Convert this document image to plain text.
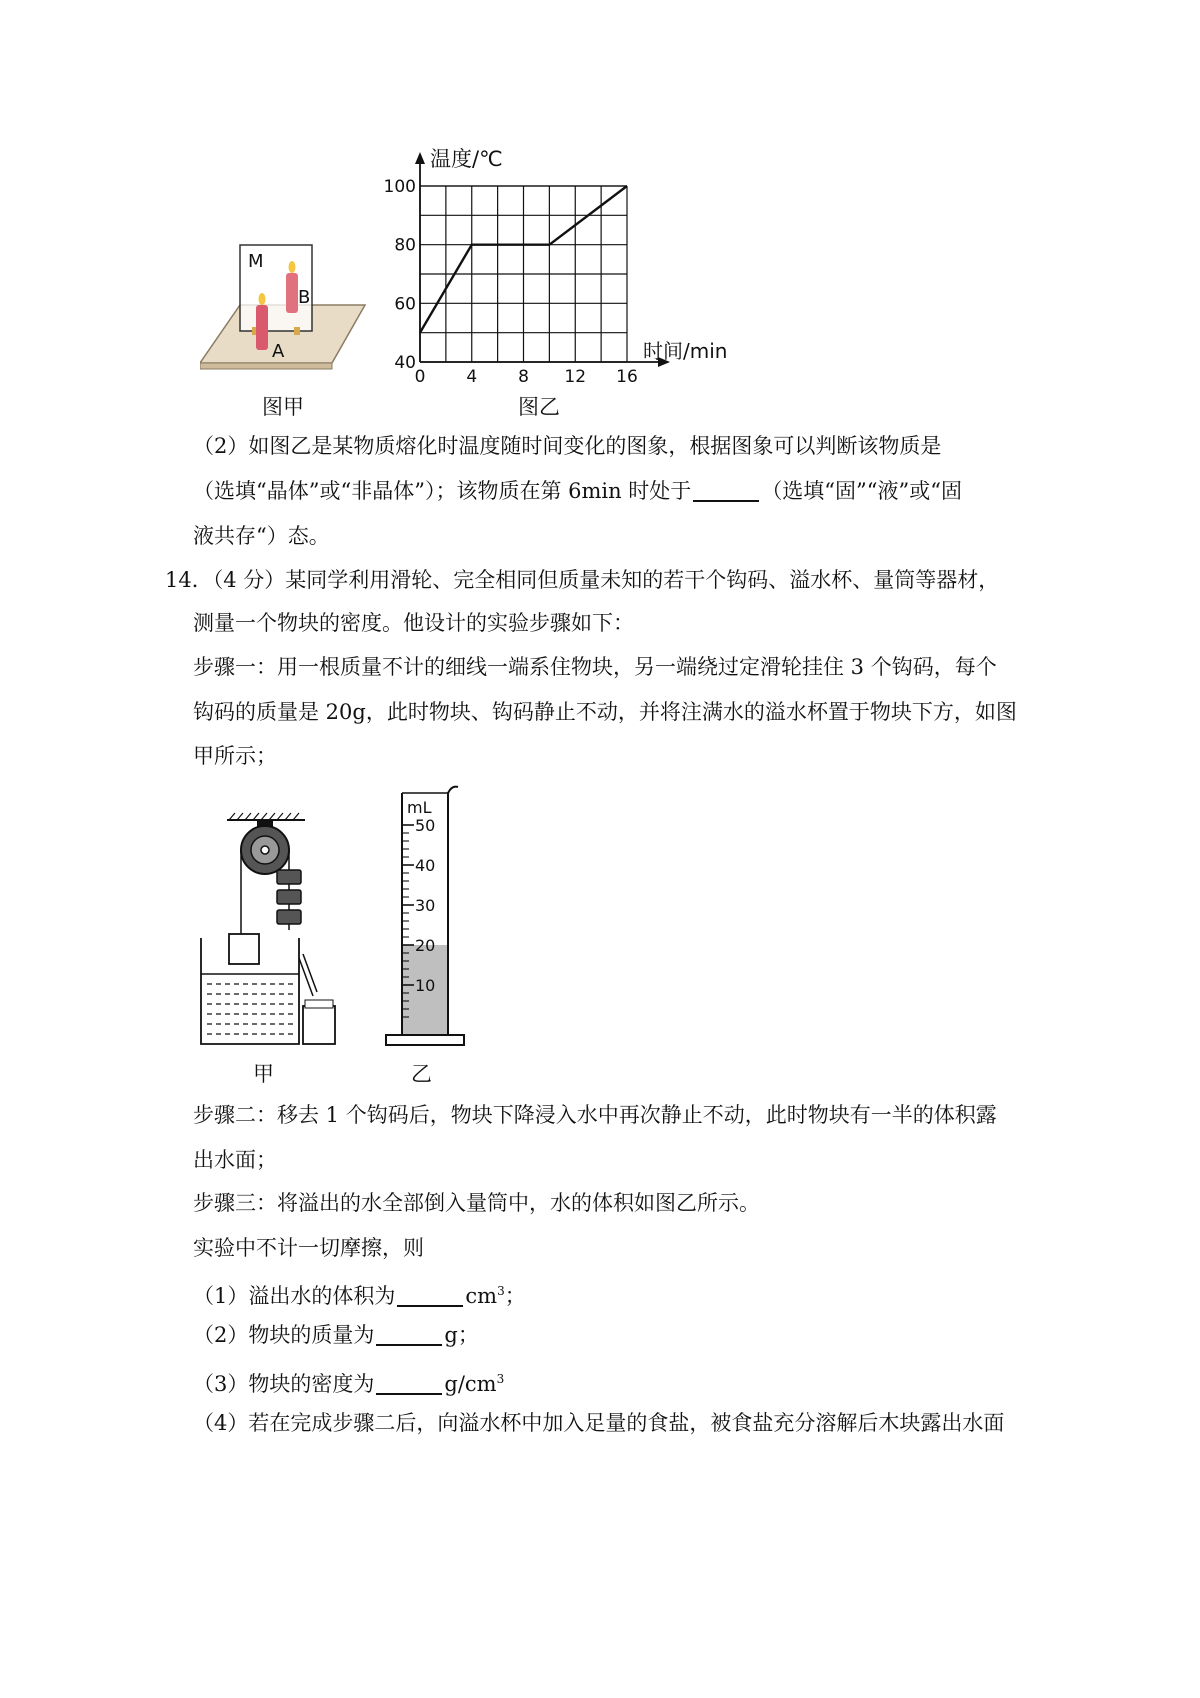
M
B
A
图甲
0 4 8 12 16
40
60
80
100
温度/℃
时间/min
图乙
（2）如图乙是某物质熔化时温度随时间变化的图象，根据图象可以判断该物质是
（选填“晶体”或“非晶体”）；该物质在第 6min 时处于	（选填“固”“液”或“固
液共存“）态。
14．（4 分）某同学利用滑轮、完全相同但质量未知的若干个钩码、溢水杯、量筒等器材，
测量一个物块的密度。他设计的实验步骤如下：
步骤一：用一根质量不计的细线一端系住物块，另一端绕过定滑轮挂住 3 个钩码，每个
钩码的质量是 20g，此时物块、钩码静止不动，并将注满水的溢水杯置于物块下方，如图
甲所示；
甲
50
40
30
20
10
mL
乙
步骤二：移去 1 个钩码后，物块下降浸入水中再次静止不动，此时物块有一半的体积露
出水面；
步骤三：将溢出的水全部倒入量筒中，水的体积如图乙所示。
实验中不计一切摩擦，则
（1）溢出水的体积为	$cm^3$；
（2）物块的质量为	g；
（3）物块的密度为	$g/cm^3$
（4）若在完成步骤二后，向溢水杯中加入足量的食盐，被食盐充分溶解后木块露出水面
